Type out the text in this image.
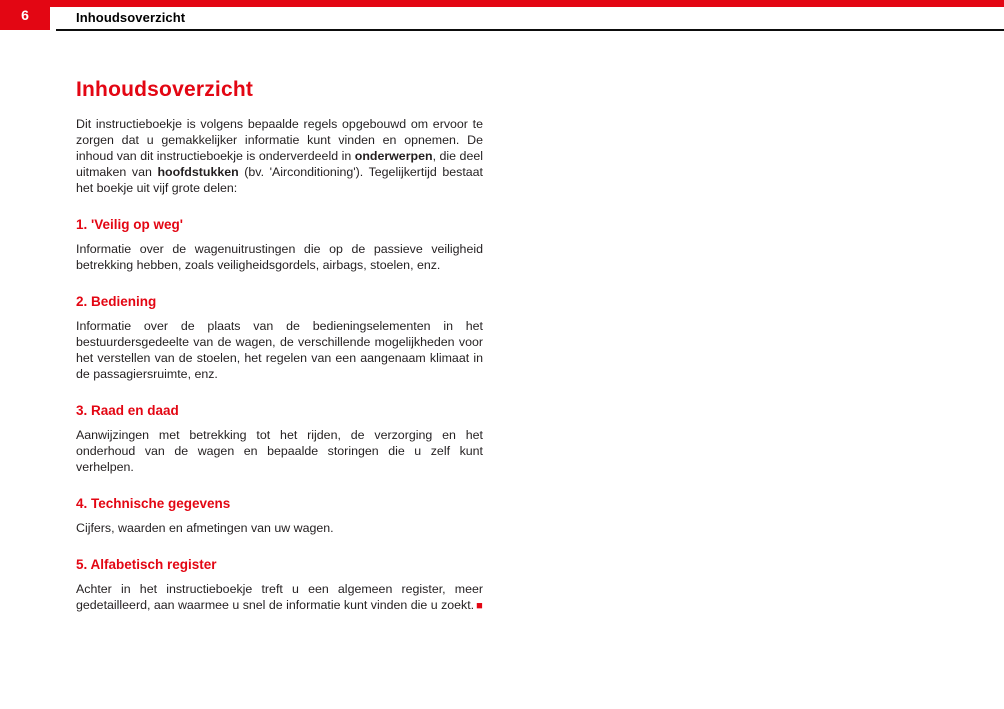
6	Inhoudsoverzicht
Inhoudsoverzicht

Dit instructieboekje is volgens bepaalde regels opgebouwd om ervoor te zorgen dat u gemakkelijker informatie kunt vinden en opnemen. De inhoud van dit instructieboekje is onderverdeeld in onderwerpen, die deel uitmaken van hoofdstukken (bv. 'Airconditioning'). Tegelijkertijd bestaat het boekje uit vijf grote delen:

1. 'Veilig op weg'

Informatie over de wagenuitrustingen die op de passieve veiligheid betrekking hebben, zoals veiligheidsgordels, airbags, stoelen, enz.

2. Bediening

Informatie over de plaats van de bedieningselementen in het bestuurdersgedeelte van de wagen, de verschillende mogelijkheden voor het verstellen van de stoelen, het regelen van een aangenaam klimaat in de passagiersruimte, enz.

3. Raad en daad

Aanwijzingen met betrekking tot het rijden, de verzorging en het onderhoud van de wagen en bepaalde storingen die u zelf kunt verhelpen.

4. Technische gegevens

Cijfers, waarden en afmetingen van uw wagen.

5. Alfabetisch register

Achter in het instructieboekje treft u een algemeen register, meer gedetailleerd, aan waarmee u snel de informatie kunt vinden die u zoekt. ■
